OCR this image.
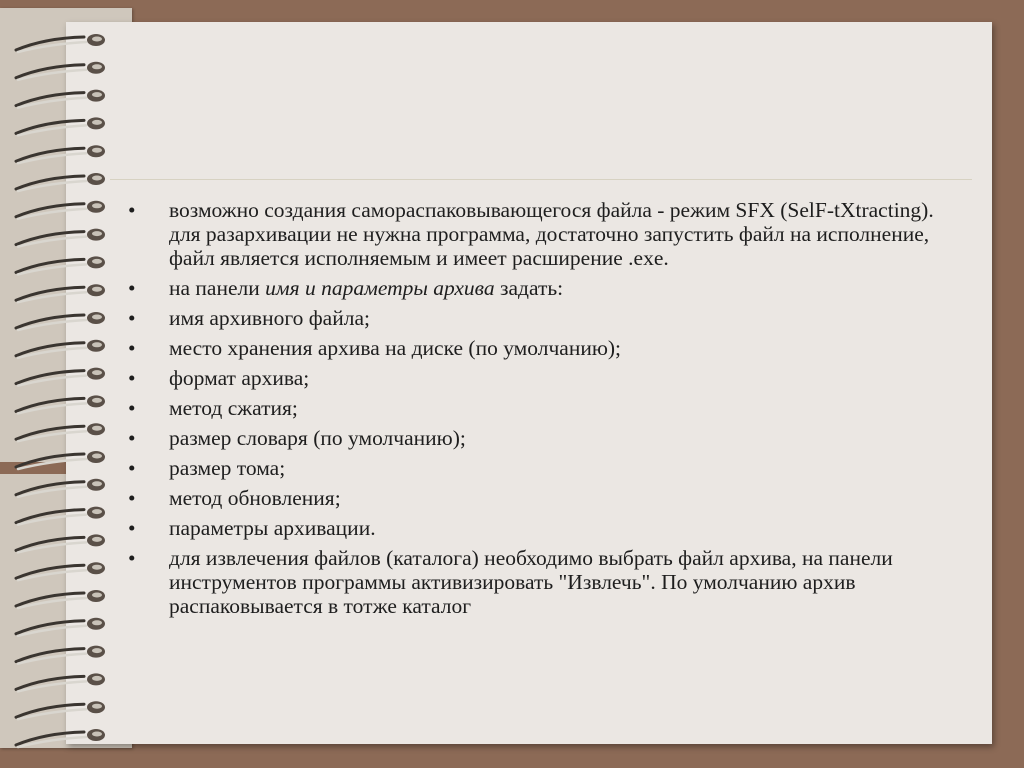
•	возможно создания самораспаковывающегося файла - режим SFX (SelF-tXtracting). для разархивации не нужна программа, достаточно запустить файл на исполнение, файл является исполняемым и имеет расширение .exe.
•	на панели имя и параметры архива задать:
•	имя архивного файла;
•	место хранения архива на диске (по умолчанию);
•	формат архива;
•	метод сжатия;
•	размер словаря (по умолчанию);
•	размер тома;
•	метод обновления;
•	параметры архивации.
•	для извлечения файлов (каталога) необходимо выбрать файл архива, на панели инструментов программы активизировать "Извлечь". По умолчанию архив распаковывается в тотже каталог
